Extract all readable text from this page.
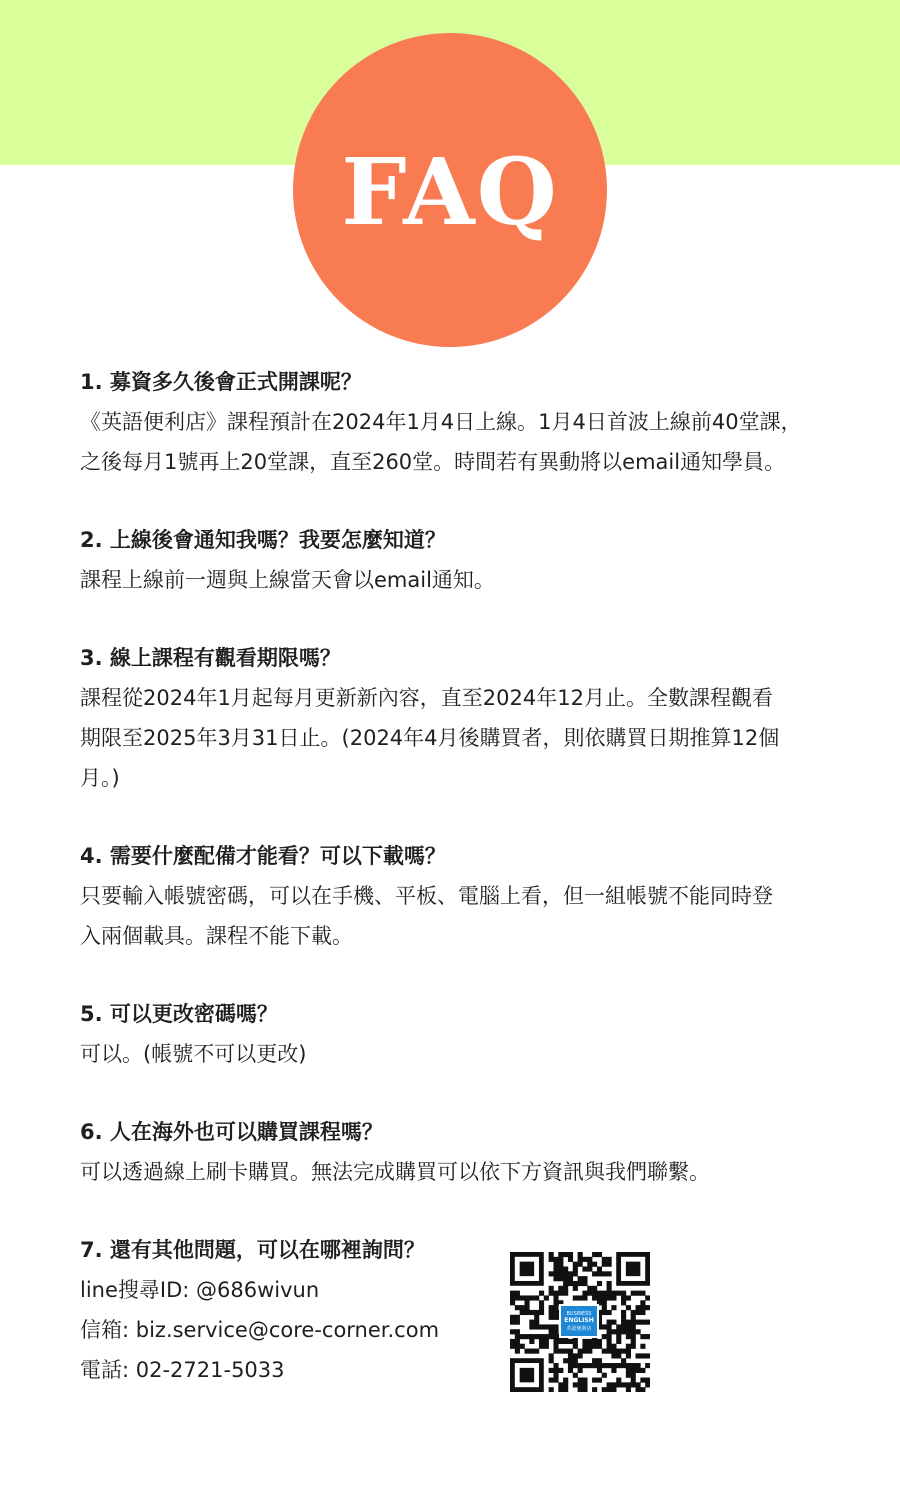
FAQ

1. 募資多久後會正式開課呢？

《英語便利店》課程預計在2024年1月4日上線。1月4日首波上線前40堂課，
之後每月1號再上20堂課，直至260堂。時間若有異動將以email通知學員。

2. 上線後會通知我嗎？我要怎麼知道？

課程上線前一週與上線當天會以email通知。

3. 線上課程有觀看期限嗎？

課程從2024年1月起每月更新新內容，直至2024年12月止。全數課程觀看
期限至2025年3月31日止。(2024年4月後購買者，則依購買日期推算12個
月。)

4. 需要什麼配備才能看？可以下載嗎？

只要輸入帳號密碼，可以在手機、平板、電腦上看，但一組帳號不能同時登
入兩個載具。課程不能下載。

5. 可以更改密碼嗎？

可以。(帳號不可以更改)

6. 人在海外也可以購買課程嗎？

可以透過線上刷卡購買。無法完成購買可以依下方資訊與我們聯繫。

7. 還有其他問題，可以在哪裡詢問？

line搜尋ID: @686wivun

信箱: biz.service@core-corner.com

電話: 02-2721-5033

BUSINESS
ENGLISH
英語便利店
